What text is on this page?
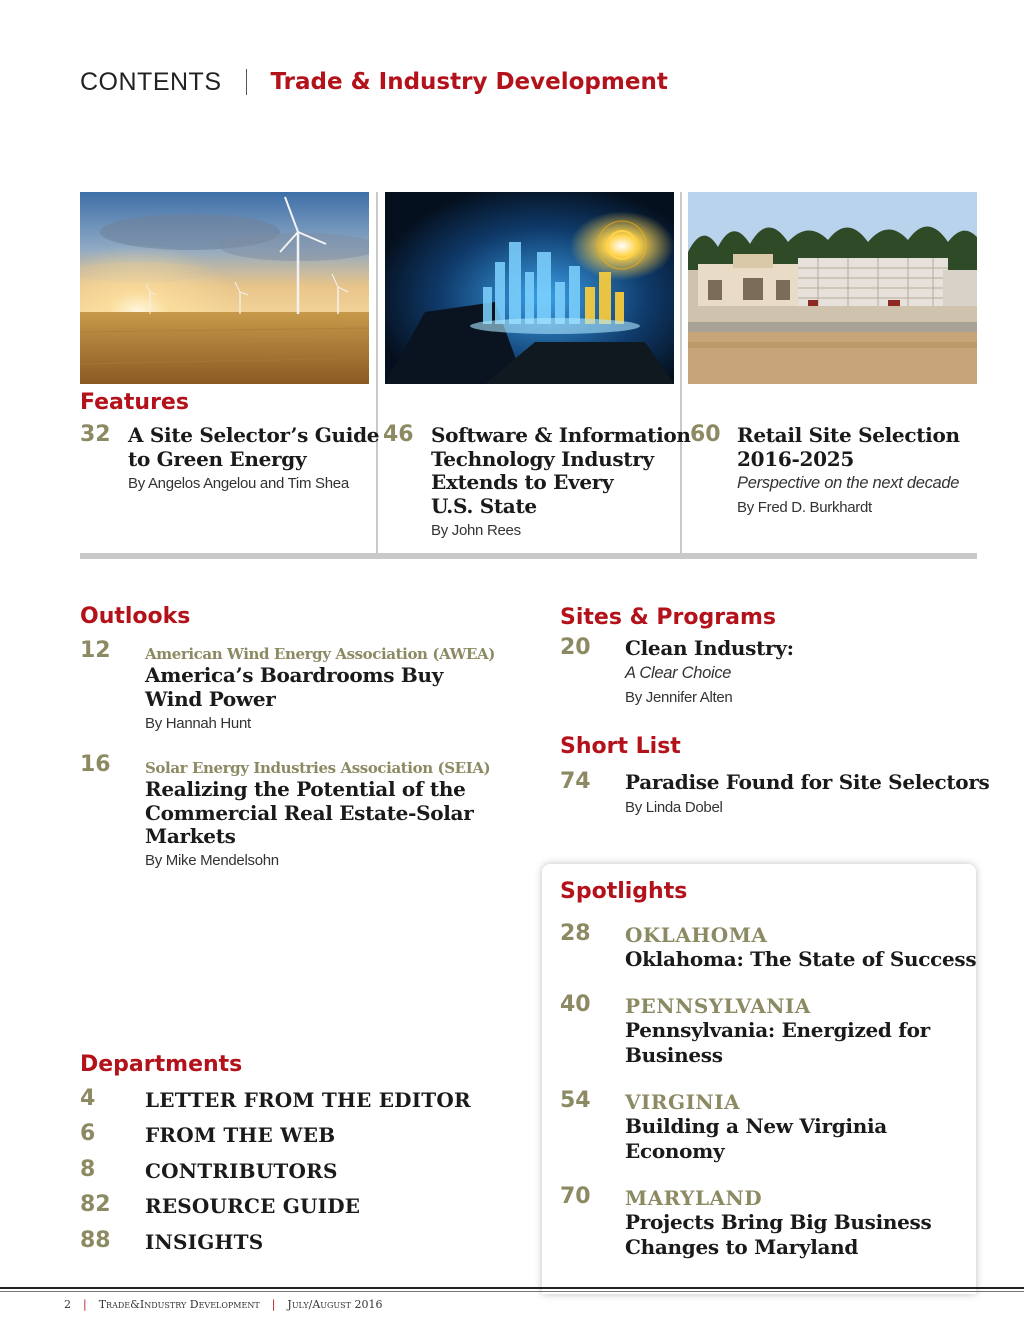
CONTENTS Trade & Industry Development
Features
32 A Site Selector’s Guide
to Green Energy
By Angelos Angelou and Tim Shea
46 Software & Information
Technology Industry
Extends to Every
U.S. State
By John Rees
60 Retail Site Selection
2016-2025
Perspective on the next decade
By Fred D. Burkhardt
Outlooks
12 American Wind Energy Association (AWEA)
America’s Boardrooms Buy
Wind Power
By Hannah Hunt
16 Solar Energy Industries Association (SEIA)
Realizing the Potential of the
Commercial Real Estate-Solar
Markets
By Mike Mendelsohn
Sites & Programs
20 Clean Industry:
A Clear Choice
By Jennifer Alten
Short List
74 Paradise Found for Site Selectors
By Linda Dobel
Spotlights
28 OKLAHOMA
Oklahoma: The State of Success
40 PENNSYLVANIA
Pennsylvania: Energized for
Business
54 VIRGINIA
Building a New Virginia
Economy
70 MARYLAND
Projects Bring Big Business
Changes to Maryland
Departments
4 LETTER FROM THE EDITOR
6 FROM THE WEB
8 CONTRIBUTORS
82 RESOURCE GUIDE
88 INSIGHTS
2 | Trade&Industry Development | July/August 2016
